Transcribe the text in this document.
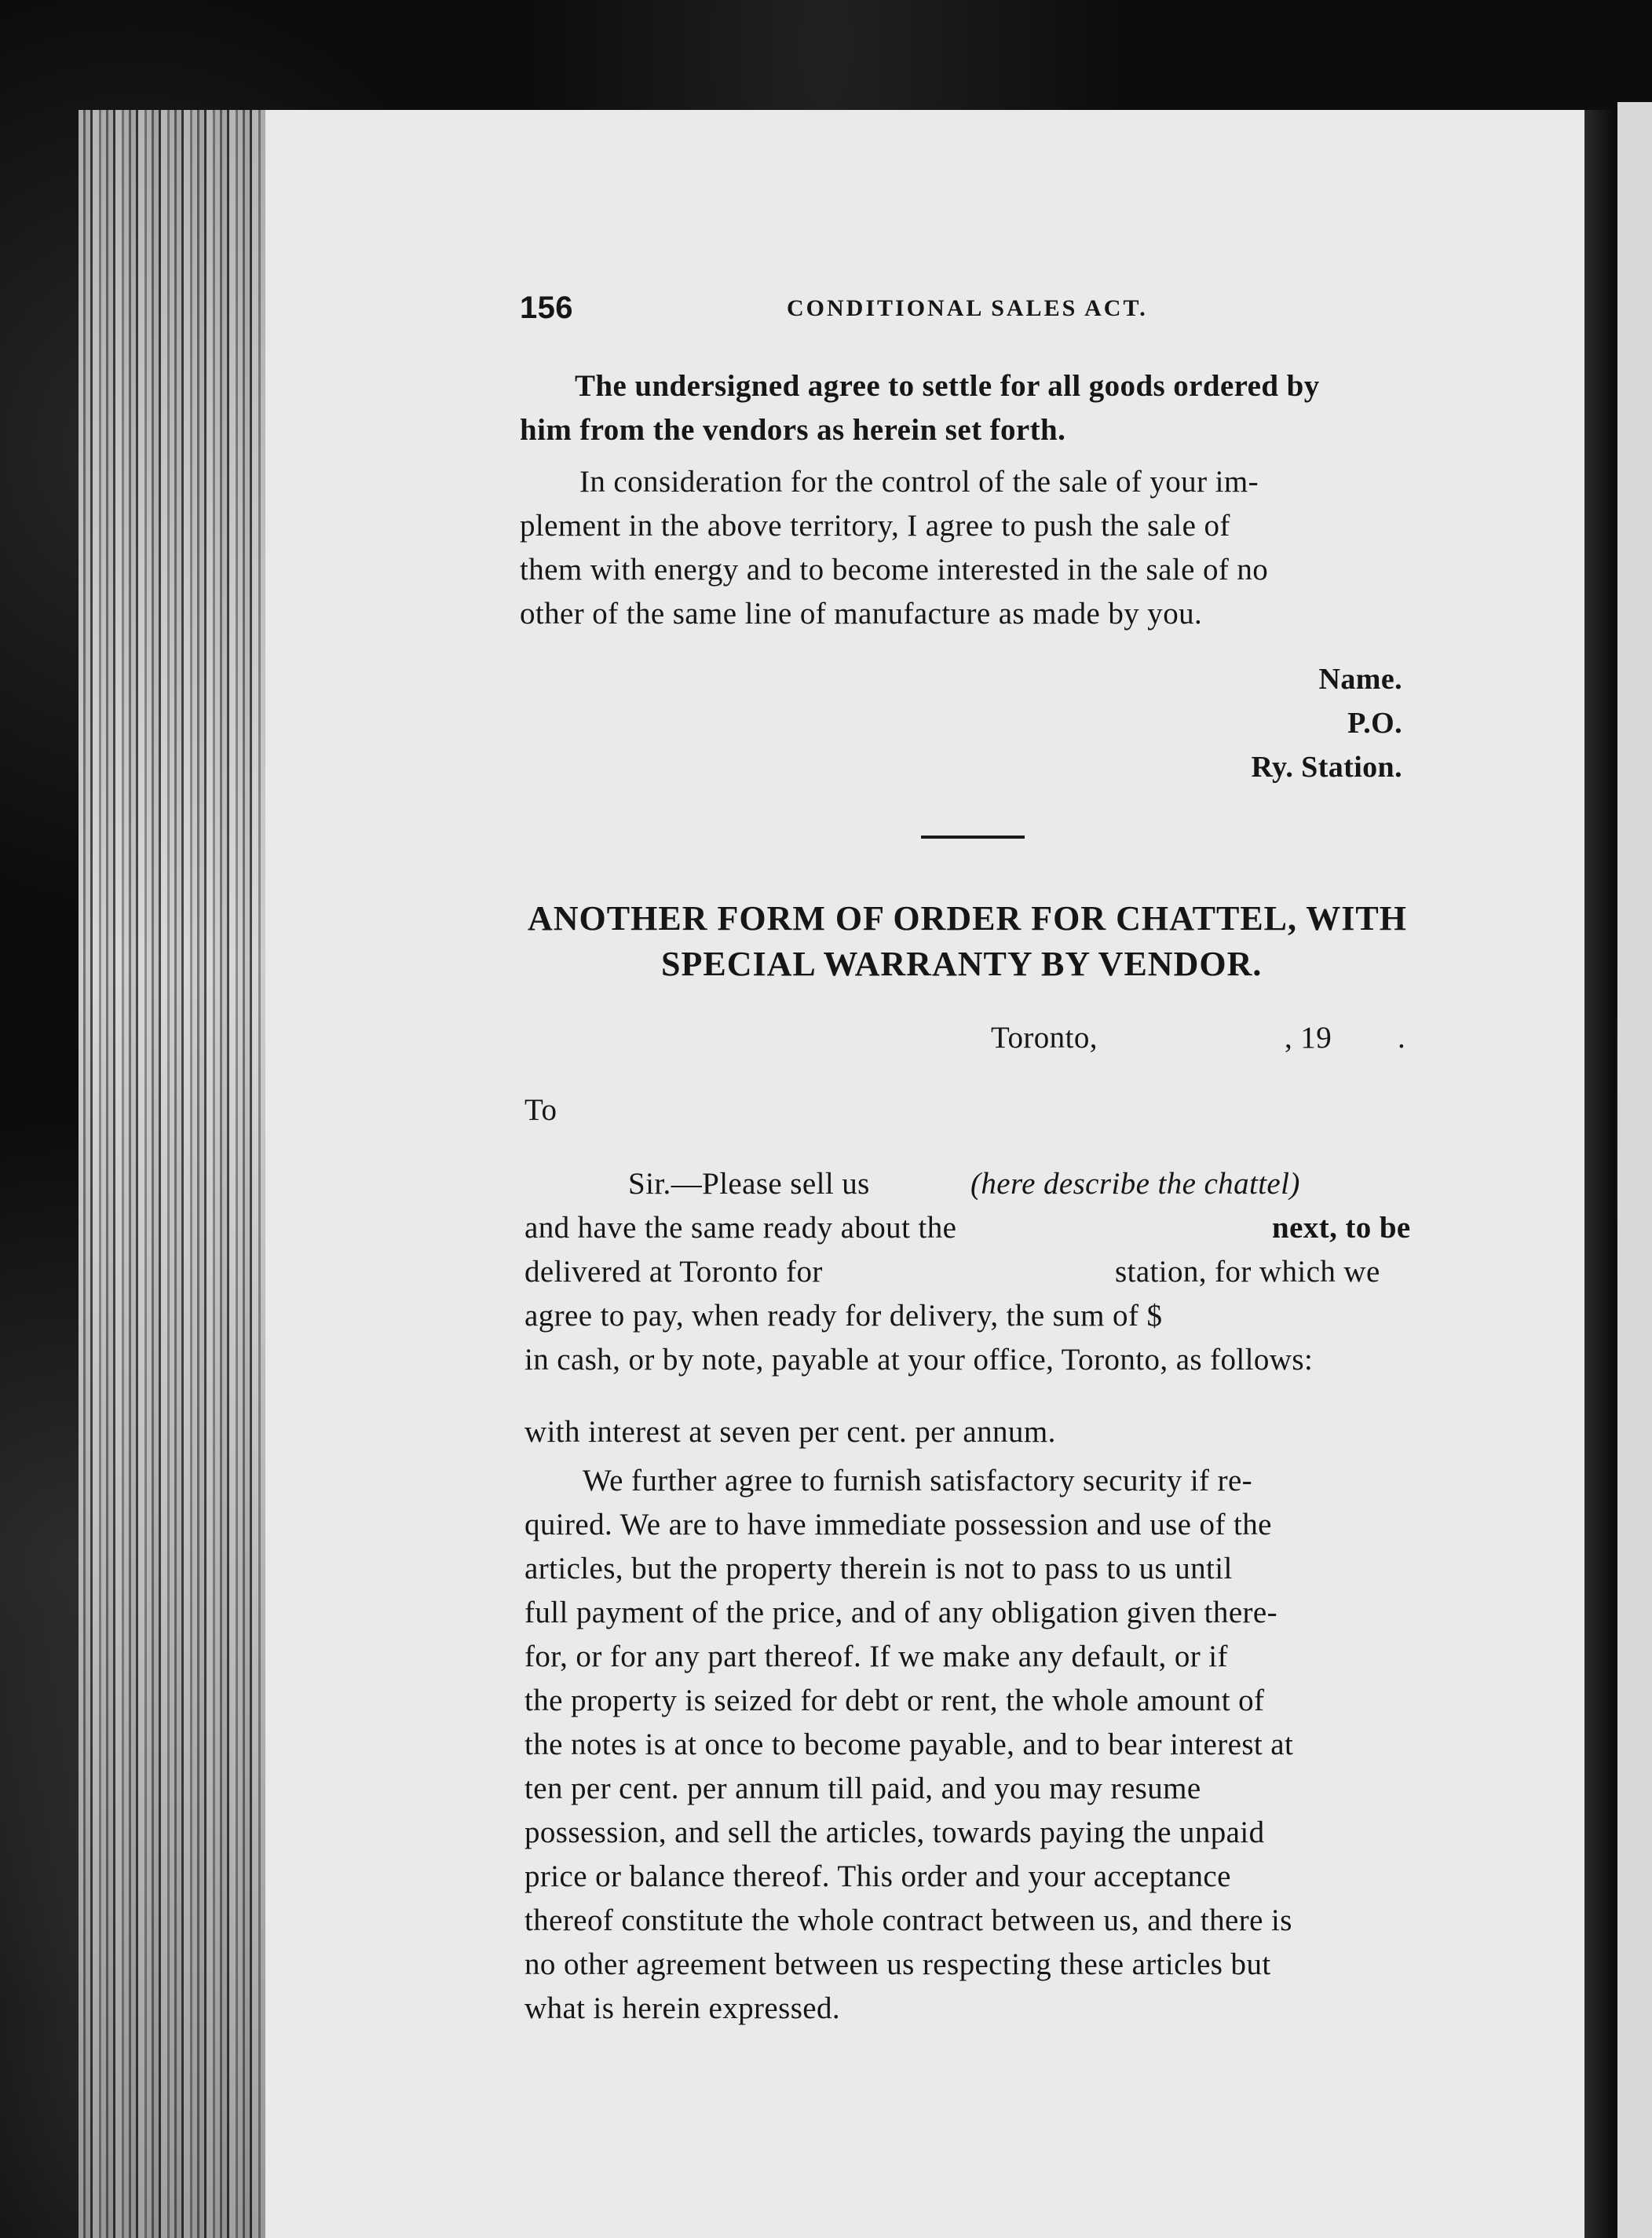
156	CONDITIONAL SALES ACT.
The undersigned agree to settle for all goods ordered by
him from the vendors as herein set forth.
In consideration for the control of the sale of your im-
plement in the above territory, I agree to push the sale of
them with energy and to become interested in the sale of no
other of the same line of manufacture as made by you.
Name.
P.O.
Ry. Station.
ANOTHER FORM OF ORDER FOR CHATTEL, WITH
SPECIAL WARRANTY BY VENDOR.
Toronto,	, 19 .
To
Sir.—Please sell us	(here describe the chattel)
and have the same ready about the	next, to be
delivered at Toronto for	station, for which we
agree to pay, when ready for delivery, the sum of $
in cash, or by note, payable at your office, Toronto, as follows:
with interest at seven per cent. per annum.
We further agree to furnish satisfactory security if re-
quired. We are to have immediate possession and use of the
articles, but the property therein is not to pass to us until
full payment of the price, and of any obligation given there-
for, or for any part thereof. If we make any default, or if
the property is seized for debt or rent, the whole amount of
the notes is at once to become payable, and to bear interest at
ten per cent. per annum till paid, and you may resume
possession, and sell the articles, towards paying the unpaid
price or balance thereof. This order and your acceptance
thereof constitute the whole contract between us, and there is
no other agreement between us respecting these articles but
what is herein expressed.
